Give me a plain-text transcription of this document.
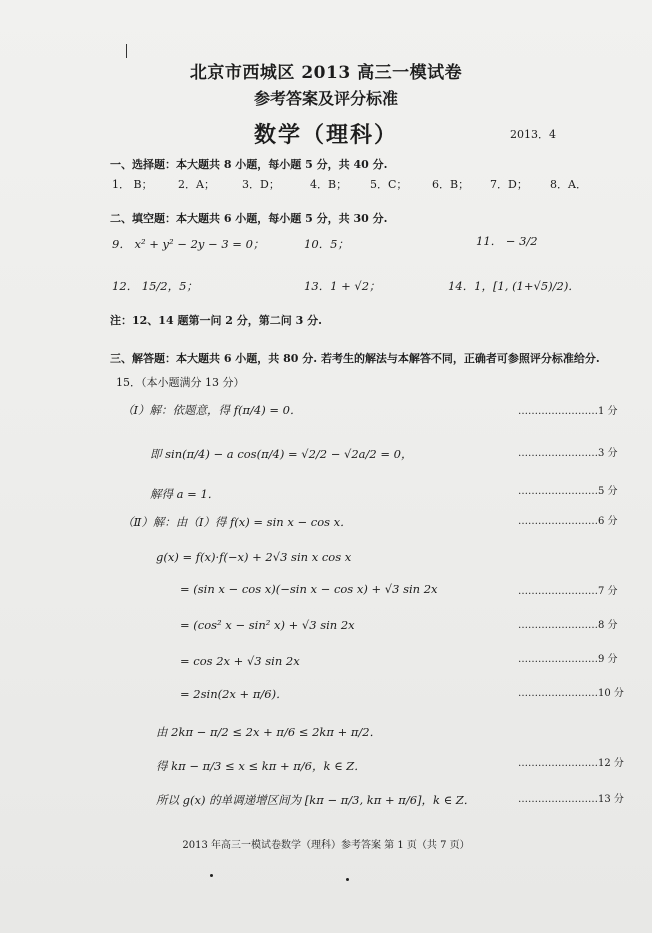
北京市西城区 2013 高三一模试卷
参考答案及评分标准
数学（理科）	2013．4
一、选择题：本大题共 8 小题，每小题 5 分，共 40 分.
1． B； 2．A； 3．D；	4．B； 5．C； 6．B； 7．D； 8．A．
二、填空题：本大题共 6 小题，每小题 5 分，共 30 分.
9． x² + y² − 2y − 3 = 0；	10．5；	11． − 3/2
12． 15/2，5；	13．1 + √2；	14．1，[1, (1+√5)/2)．
注：12、14 题第一问 2 分，第二问 3 分.
三、解答题：本大题共 6 小题，共 80 分. 若考生的解法与本解答不同，正确者可参照评分标准给分.
15．（本小题满分 13 分）
（Ⅰ）解：依题意，得 f(π/4) = 0．	……………………1 分
即 sin(π/4) − a cos(π/4) = √2/2 − √2a/2 = 0，	……………………3 分
解得 a = 1．	……………………5 分
（Ⅱ）解：由（Ⅰ）得 f(x) = sin x − cos x．	……………………6 分
g(x) = f(x)·f(−x) + 2√3 sin x cos x
= (sin x − cos x)(−sin x − cos x) + √3 sin 2x	……………………7 分
= (cos² x − sin² x) + √3 sin 2x	……………………8 分
= cos 2x + √3 sin 2x	……………………9 分
= 2sin(2x + π/6)．	……………………10 分
由 2kπ − π/2 ≤ 2x + π/6 ≤ 2kπ + π/2．
得 kπ − π/3 ≤ x ≤ kπ + π/6，k ∈ Z．	……………………12 分
所以 g(x) 的单调递增区间为 [kπ − π/3, kπ + π/6]，k ∈ Z．	……………………13 分
2013 年高三一模试卷数学（理科）参考答案 第 1 页（共 7 页）
